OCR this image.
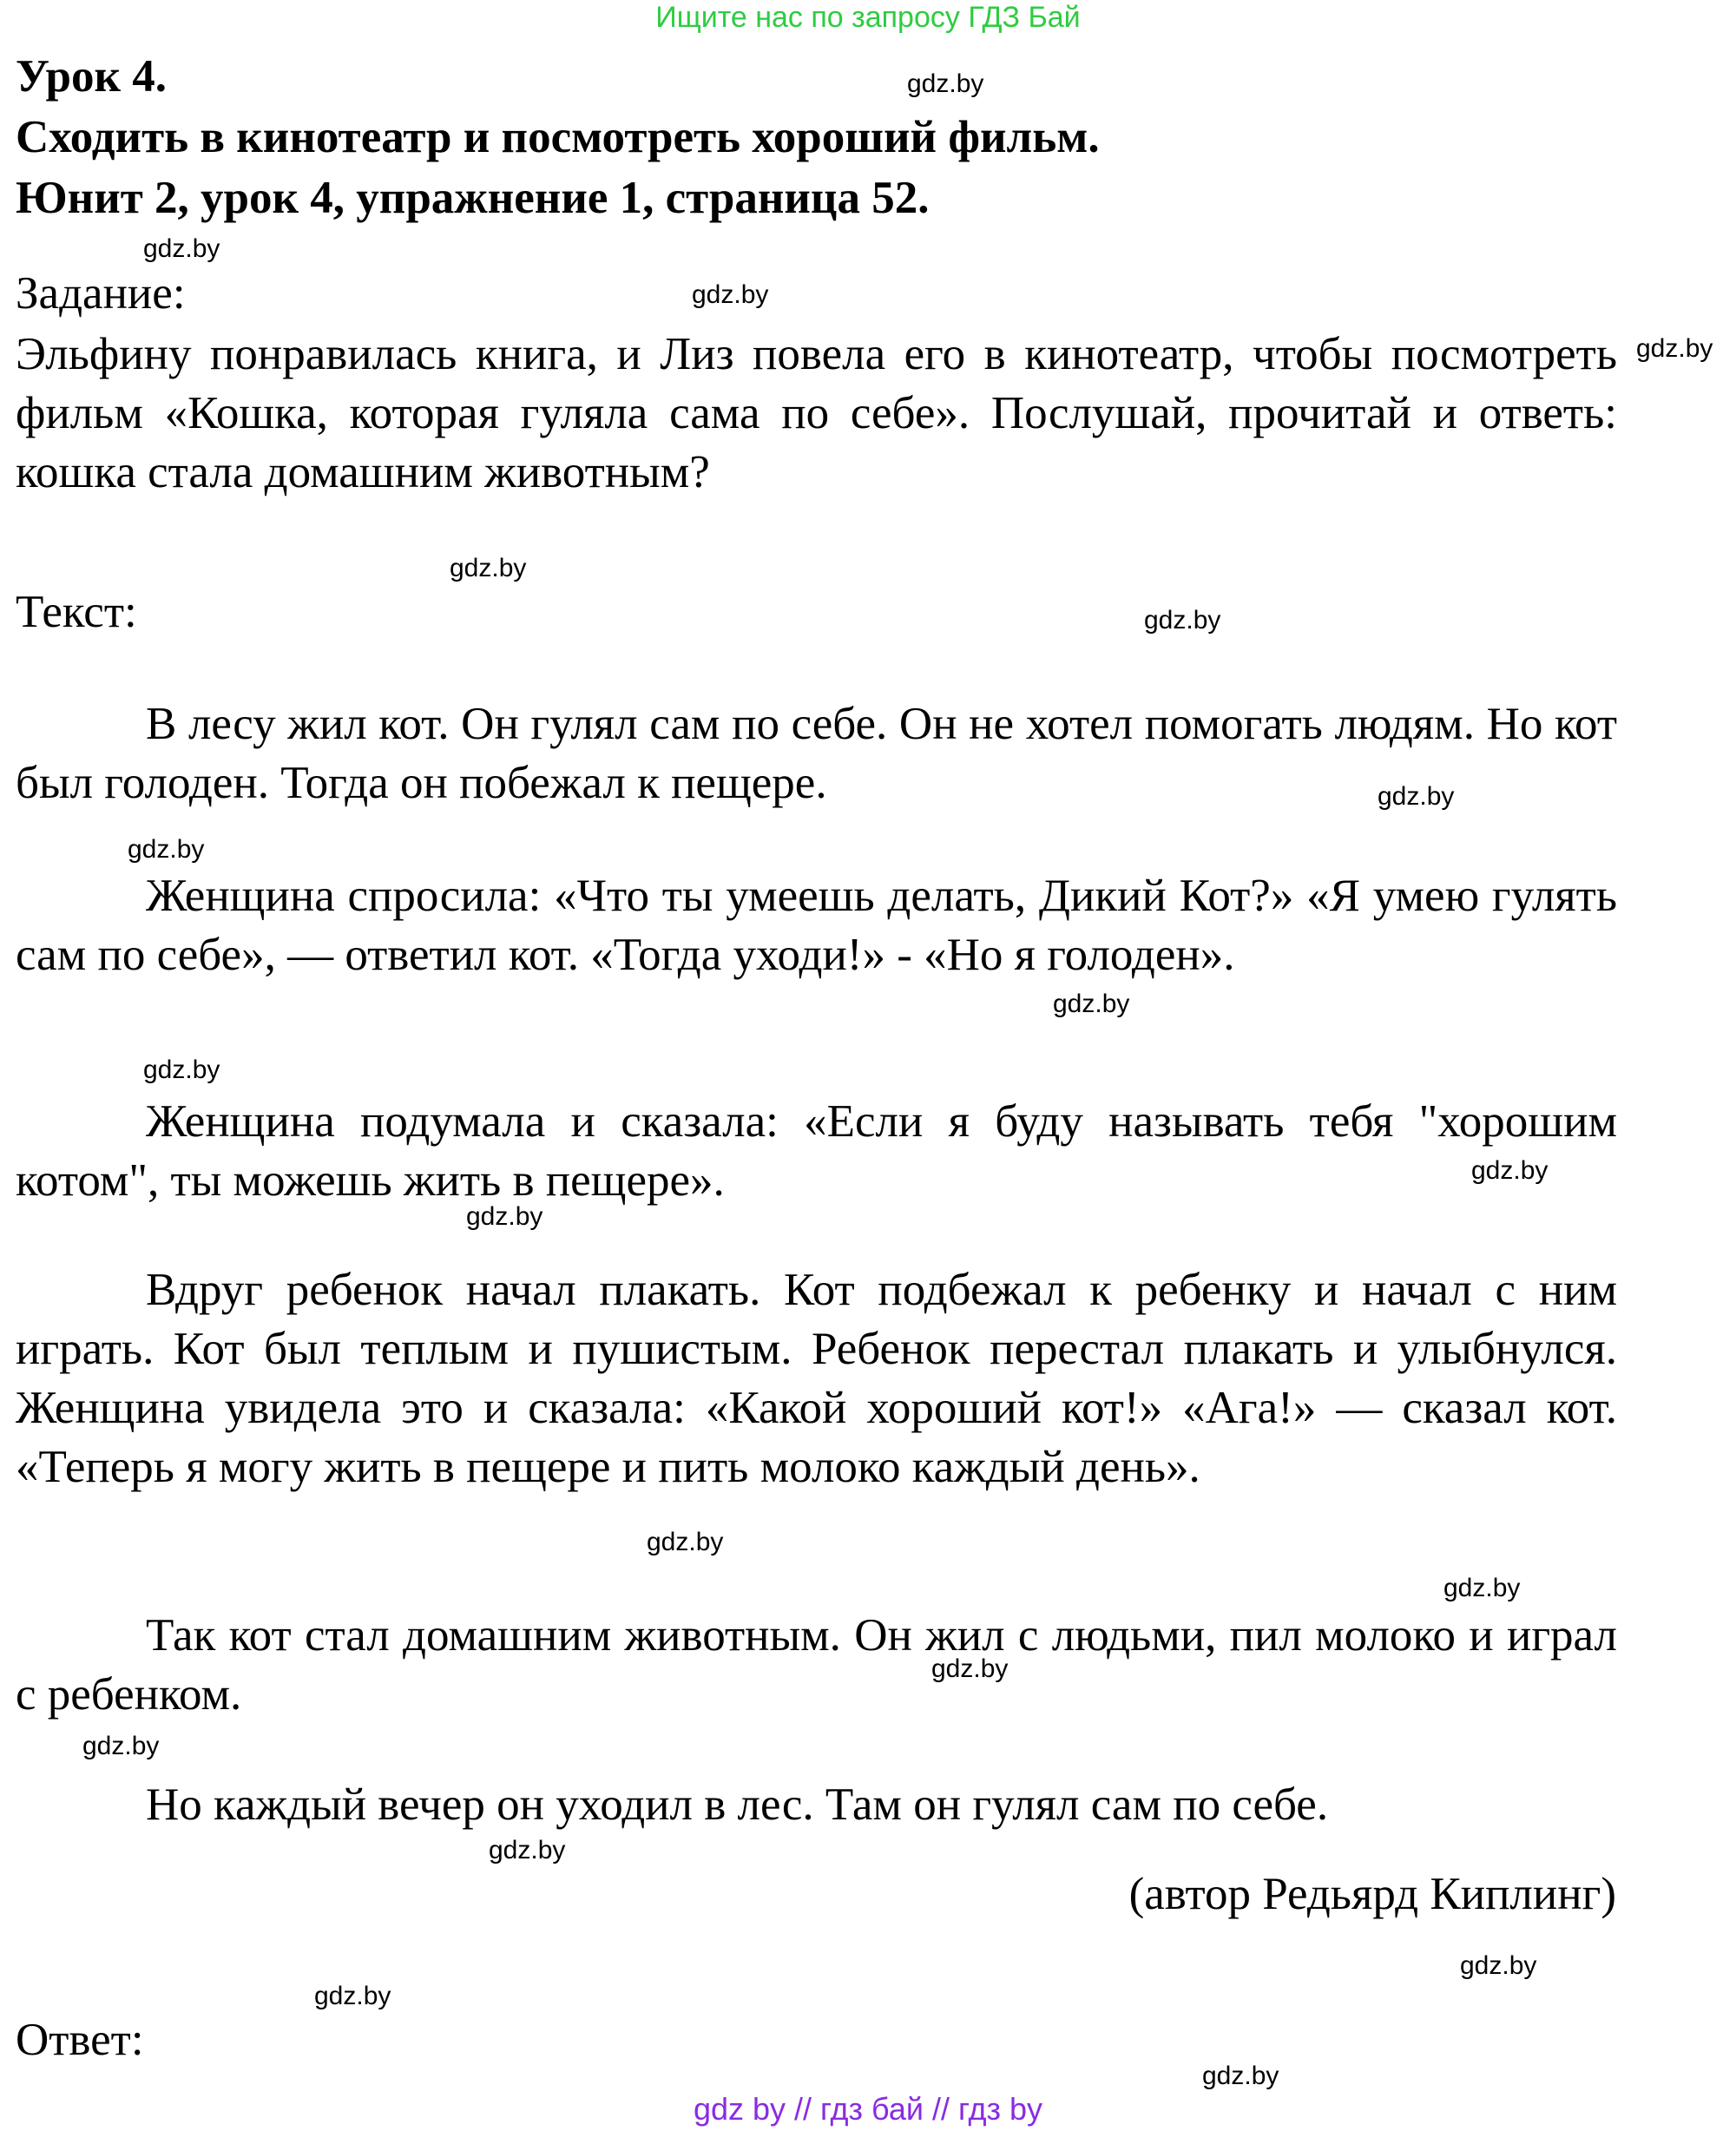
Ищите нас по запросу ГДЗ Бай
Урок 4.
Сходить в кинотеатр и посмотреть хороший фильм.
Юнит 2, урок 4, упражнение 1, страница 52.
Задание:

Эльфину понравилась книга, и Лиз повела его в кинотеатр, чтобы посмотреть фильм «Кошка, которая гуляла сама по себе». Послушай, прочитай и ответь: кошка стала домашним животным?

Текст:

В лесу жил кот. Он гулял сам по себе. Он не хотел помогать людям. Но кот был голоден. Тогда он побежал к пещере.

Женщина спросила: «Что ты умеешь делать, Дикий Кот?» «Я умею гулять сам по себе», — ответил кот. «Тогда уходи!» - «Но я голоден».

Женщина подумала и сказала: «Если я буду называть тебя "хорошим котом", ты можешь жить в пещере».

Вдруг ребенок начал плакать. Кот подбежал к ребенку и начал с ним играть. Кот был теплым и пушистым. Ребенок перестал плакать и улыбнулся. Женщина увидела это и сказала: «Какой хороший кот!» «Ага!» — сказал кот. «Теперь я могу жить в пещере и пить молоко каждый день».

Так кот стал домашним животным. Он жил с людьми, пил молоко и играл с ребенком.

Но каждый вечер он уходил в лес. Там он гулял сам по себе.

(автор Редьярд Киплинг)
Ответ:
gdz.by
gdz.by
gdz.by
gdz.by
gdz.by
gdz.by
gdz.by
gdz.by
gdz.by
gdz.by
gdz.by
gdz.by
gdz.by
gdz.by
gdz.by
gdz.by
gdz.by
gdz.by
gdz.by
gdz.by
gdz by // гдз бай // гдз by
